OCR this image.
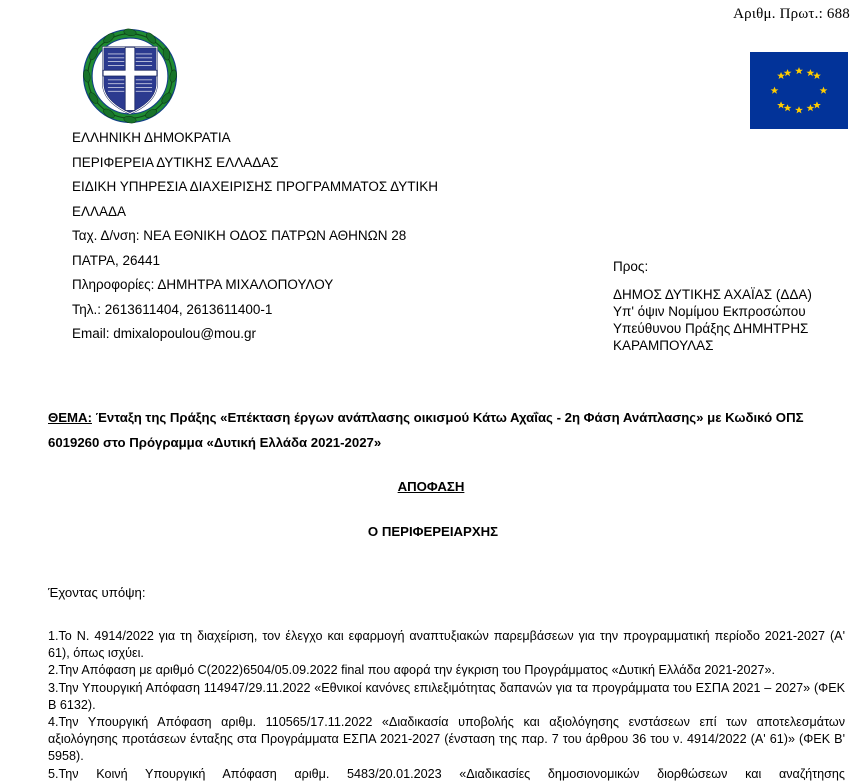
Αριθμ. Πρωτ.: 688
ΕΛΛΗΝΙΚΗ ΔΗΜΟΚΡΑΤΙΑ
ΠΕΡΙΦΕΡΕΙΑ ΔΥΤΙΚΗΣ ΕΛΛΑΔΑΣ
ΕΙΔΙΚΗ ΥΠΗΡΕΣΙΑ ΔΙΑΧΕΙΡΙΣΗΣ ΠΡΟΓΡΑΜΜΑΤΟΣ ΔΥΤΙΚΗ
ΕΛΛΑΔΑ
Ταχ. Δ/νση: ΝΕΑ ΕΘΝΙΚΗ ΟΔΟΣ ΠΑΤΡΩΝ ΑΘΗΝΩΝ 28
ΠΑΤΡΑ, 26441
Πληροφορίες: ΔΗΜΗΤΡΑ ΜΙΧΑΛΟΠΟΥΛΟΥ
Τηλ.: 2613611404, 2613611400-1
Email: dmixalopoulou@mou.gr
Προς:
ΔΗΜΟΣ ΔΥΤΙΚΗΣ ΑΧΑΪΑΣ (ΔΔΑ)
Υπ' όψιν Νομίμου Εκπροσώπου
Υπεύθυνου Πράξης ΔΗΜΗΤΡΗΣ
ΚΑΡΑΜΠΟΥΛΑΣ
ΘΕΜΑ: Ένταξη της Πράξης «Επέκταση έργων ανάπλασης οικισμού Κάτω Αχαΐας - 2η Φάση Ανάπλασης» με Κωδικό ΟΠΣ 6019260 στο Πρόγραμμα «Δυτική Ελλάδα 2021-2027»
ΑΠΟΦΑΣΗ
Ο ΠΕΡΙΦΕΡΕΙΑΡΧΗΣ
Έχοντας υπόψη:
1.Το Ν. 4914/2022 για τη διαχείριση, τον έλεγχο και εφαρμογή αναπτυξιακών παρεμβάσεων για την προγραμματική περίοδο 2021-2027 (Α' 61), όπως ισχύει.
2.Την Απόφαση με αριθμό C(2022)6504/05.09.2022 final που αφορά την έγκριση του Προγράμματος «Δυτική Ελλάδα 2021-2027».
3.Την Υπουργική Απόφαση 114947/29.11.2022 «Εθνικοί κανόνες επιλεξιμότητας δαπανών για τα προγράμματα του ΕΣΠΑ 2021 – 2027» (ΦΕΚ Β 6132).
4.Την Υπουργική Απόφαση αριθμ. 110565/17.11.2022 «Διαδικασία υποβολής και αξιολόγησης ενστάσεων επί των αποτελεσμάτων αξιολόγησης προτάσεων ένταξης στα Προγράμματα ΕΣΠΑ 2021-2027 (ένσταση της παρ. 7 του άρθρου 36 του ν. 4914/2022 (Α' 61)» (ΦΕΚ Β' 5958).
5.Την Κοινή Υπουργική Απόφαση αριθμ. 5483/20.01.2023 «Διαδικασίες δημοσιονομικών διορθώσεων και αναζήτησης
